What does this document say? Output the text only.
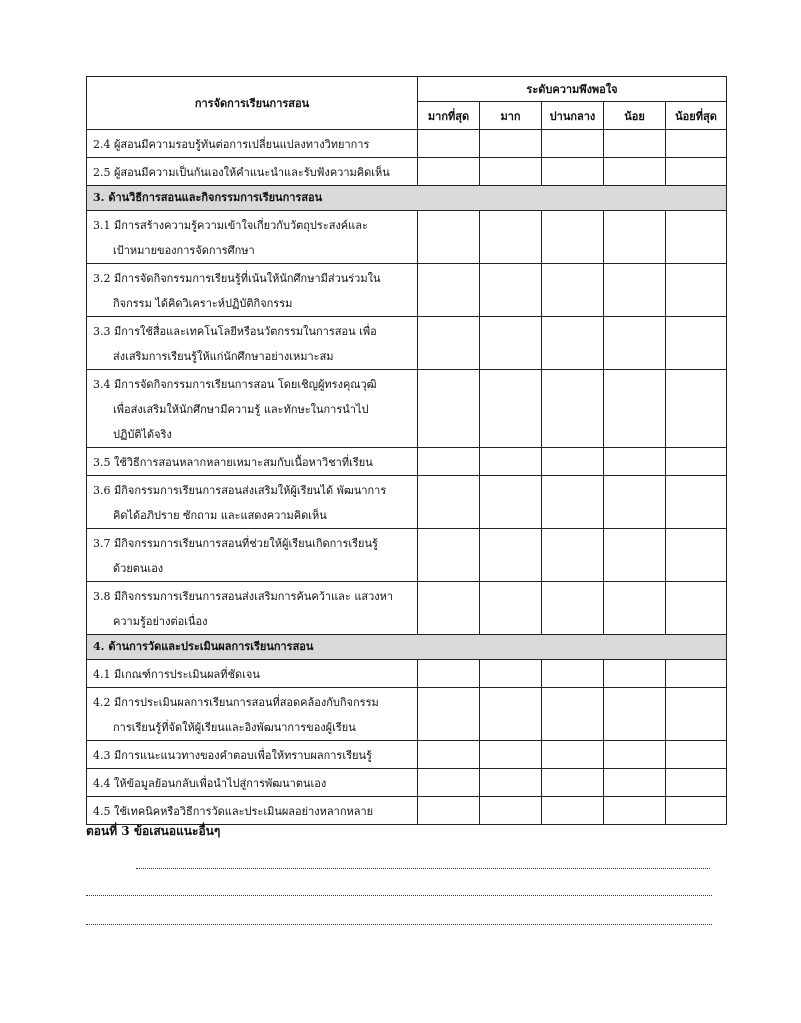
การจัดการเรียนการสอน	ระดับความพึงพอใจ				
	มากที่สุด	มาก	ปานกลาง	น้อย	น้อยที่สุด

2.4 ผู้สอนมีความรอบรู้ทันต่อการเปลี่ยนแปลงทางวิทยาการ					

2.5 ผู้สอนมีความเป็นกันเองให้คำแนะนำและรับฟังความคิดเห็น					

3. ด้านวิธีการสอนและกิจกรรมการเรียนการสอน					

3.1 มีการสร้างความรู้ความเข้าใจเกี่ยวกับวัตถุประสงค์และ
เป้าหมายของการจัดการศึกษา					

3.2 มีการจัดกิจกรรมการเรียนรู้ที่เน้นให้นักศึกษามีส่วนร่วมใน
กิจกรรม ได้คิดวิเคราะห์ปฏิบัติกิจกรรม					

3.3 มีการใช้สื่อและเทคโนโลยีหรือนวัตกรรมในการสอน เพื่อ
ส่งเสริมการเรียนรู้ให้แก่นักศึกษาอย่างเหมาะสม					

3.4 มีการจัดกิจกรรมการเรียนการสอน โดยเชิญผู้ทรงคุณวุฒิ
เพื่อส่งเสริมให้นักศึกษามีความรู้ และทักษะในการนำไป
ปฏิบัติได้จริง					

3.5 ใช้วิธีการสอนหลากหลายเหมาะสมกับเนื้อหาวิชาที่เรียน					

3.6 มีกิจกรรมการเรียนการสอนส่งเสริมให้ผู้เรียนได้ พัฒนาการ
คิดได้อภิปราย ซักถาม และแสดงความคิดเห็น					

3.7 มีกิจกรรมการเรียนการสอนที่ช่วยให้ผู้เรียนเกิดการเรียนรู้
ด้วยตนเอง					

3.8 มีกิจกรรมการเรียนการสอนส่งเสริมการค้นคว้าและ แสวงหา
ความรู้อย่างต่อเนื่อง					

4. ด้านการวัดและประเมินผลการเรียนการสอน					

4.1 มีเกณฑ์การประเมินผลที่ชัดเจน					

4.2 มีการประเมินผลการเรียนการสอนที่สอดคล้องกับกิจกรรม
การเรียนรู้ที่จัดให้ผู้เรียนและอิงพัฒนาการของผู้เรียน					

4.3 มีการแนะแนวทางของคำตอบเพื่อให้ทราบผลการเรียนรู้					

4.4 ให้ข้อมูลย้อนกลับเพื่อนำไปสู่การพัฒนาตนเอง					

4.5 ใช้เทคนิคหรือวิธีการวัดและประเมินผลอย่างหลากหลาย					

ตอนที่ 3 ข้อเสนอแนะอื่นๆ
